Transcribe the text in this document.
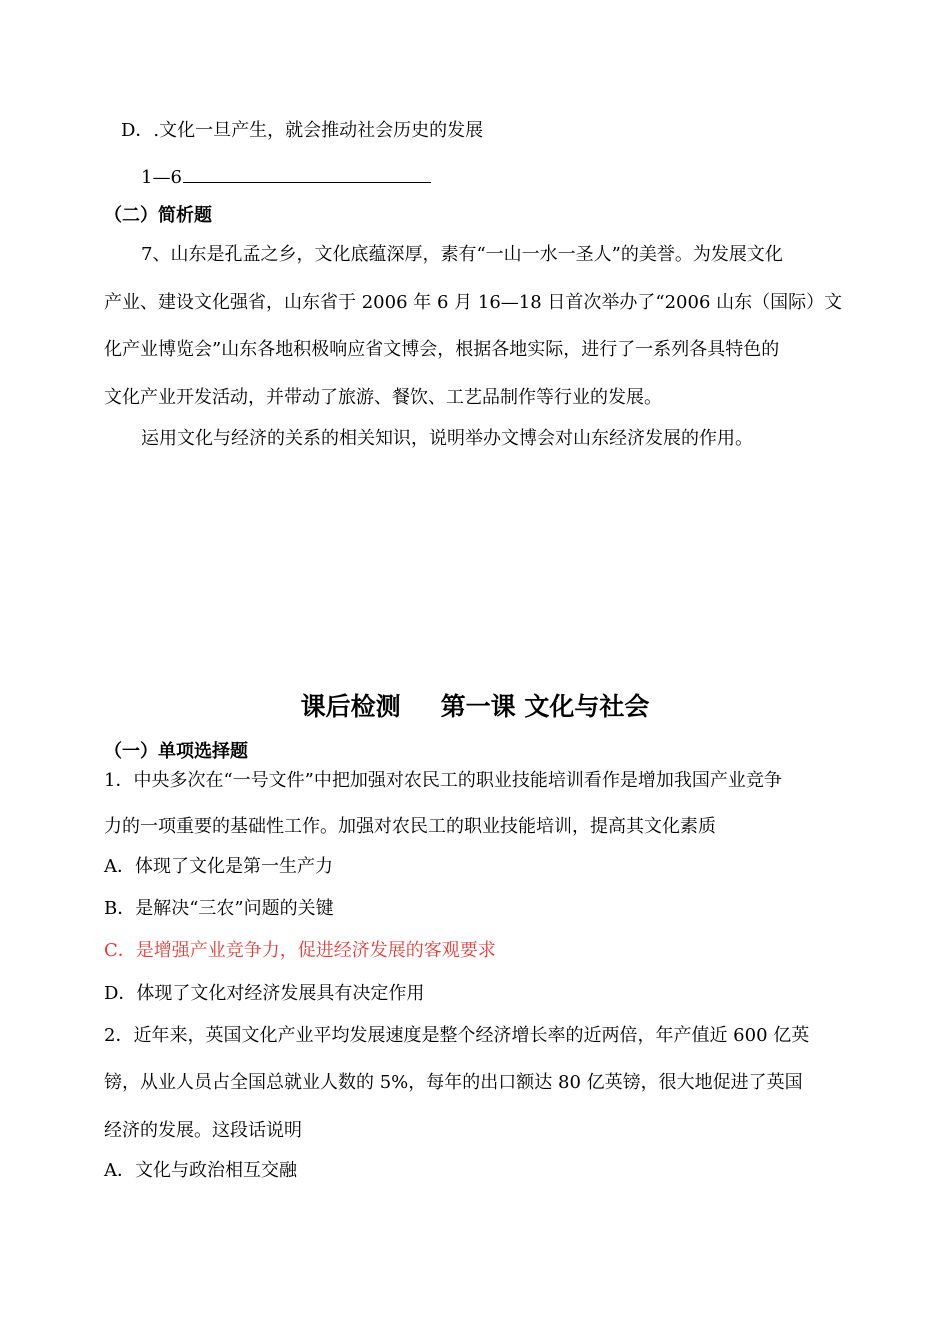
D．.文化一旦产生，就会推动社会历史的发展
1—6
（二）简析题
7、山东是孔孟之乡，文化底蕴深厚，素有“一山一水一圣人”的美誉。为发展文化
产业、建设文化强省，山东省于 2006 年 6 月 16—18 日首次举办了“2006 山东（国际）文
化产业博览会”山东各地积极响应省文博会，根据各地实际，进行了一系列各具特色的
文化产业开发活动，并带动了旅游、餐饮、工艺品制作等行业的发展。
运用文化与经济的关系的相关知识，说明举办文博会对山东经济发展的作用。
课后检测 第一课 文化与社会
（一）单项选择题
1．中央多次在“一号文件”中把加强对农民工的职业技能培训看作是增加我国产业竞争
力的一项重要的基础性工作。加强对农民工的职业技能培训，提高其文化素质
A．体现了文化是第一生产力
B．是解决“三农”问题的关键
C．是增强产业竞争力，促进经济发展的客观要求
D．体现了文化对经济发展具有决定作用
2．近年来，英国文化产业平均发展速度是整个经济增长率的近两倍，年产值近 600 亿英
镑，从业人员占全国总就业人数的 5%，每年的出口额达 80 亿英镑，很大地促进了英国
经济的发展。这段话说明
A．文化与政治相互交融
